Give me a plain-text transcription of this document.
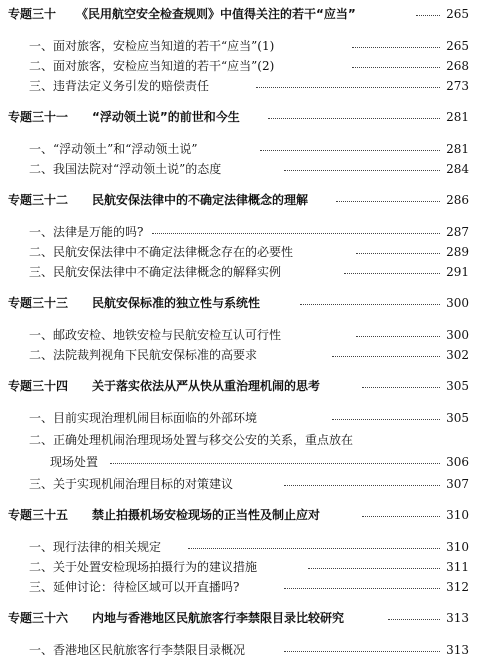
专题三十 《民用航空安全检查规则》中值得关注的若干“应当”	265
一、面对旅客，安检应当知道的若干“应当”(1)	265
二、面对旅客，安检应当知道的若干“应当”(2)	268
三、违背法定义务引发的赔偿责任	273
专题三十一 “浮动领土说”的前世和今生	281
一、“浮动领土”和“浮动领土说”	281
二、我国法院对“浮动领土说”的态度	284
专题三十二 民航安保法律中的不确定法律概念的理解	286
一、法律是万能的吗?	287
二、民航安保法律中不确定法律概念存在的必要性	289
三、民航安保法律中不确定法律概念的解释实例	291
专题三十三 民航安保标准的独立性与系统性	300
一、邮政安检、地铁安检与民航安检互认可行性	300
二、法院裁判视角下民航安保标准的高要求	302
专题三十四 关于落实依法从严从快从重治理机闹的思考	305
一、目前实现治理机闹目标面临的外部环境	305
二、正确处理机闹治理现场处置与移交公安的关系，重点放在
现场处置	306
三、关于实现机闹治理目标的对策建议	307
专题三十五 禁止拍摄机场安检现场的正当性及制止应对	310
一、现行法律的相关规定	310
二、关于处置安检现场拍摄行为的建议措施	311
三、延伸讨论：待检区域可以开直播吗?	312
专题三十六 内地与香港地区民航旅客行李禁限目录比较研究	313
一、香港地区民航旅客行李禁限目录概况	313
